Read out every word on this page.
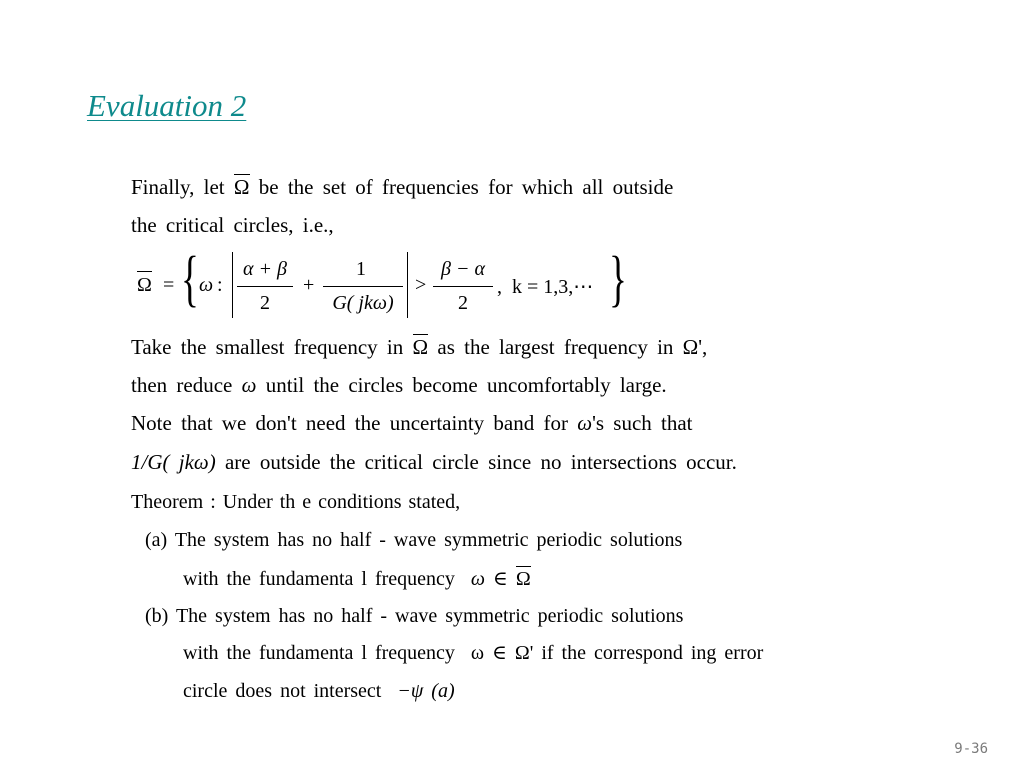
Evaluation 2
Finally, let Ω be the set of frequencies for which all outside
the critical circles, i.e.,
Ω = { ω :
α + β
2
+
1
G( jkω)
>
β − α
2
,  k = 1,3,⋯ }
Take the smallest frequency in Ω as the largest frequency in Ω',
then reduce ω until the circles become uncomfortably large.
Note that we don't need the uncertainty band for ω's such that
1/G( jkω) are outside the critical circle since no intersections occur.
Theorem : Under th e conditions stated,
(a) The system has no half - wave symmetric periodic solutions
with the fundamenta l frequency ω ∈ Ω
(b) The system has no half - wave symmetric periodic solutions
with the fundamenta l frequency ω ∈ Ω' if the correspond ing error
circle does not intersect −ψ (a)
9-36
